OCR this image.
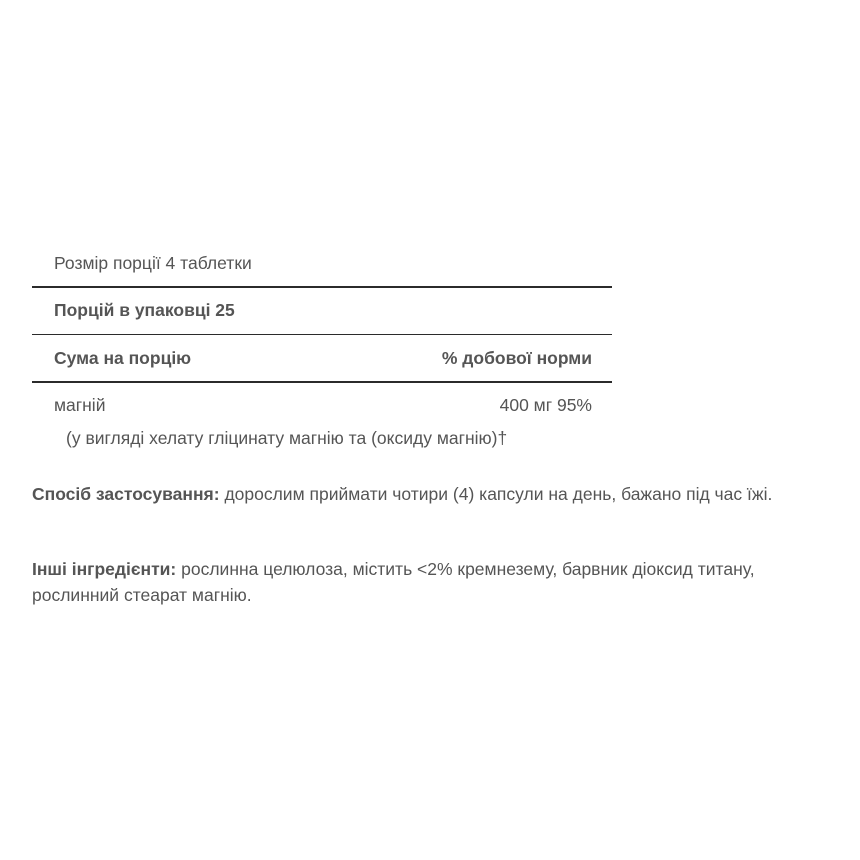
Розмір порції 4 таблетки
Порцій в упаковці 25
Сума на порцію	% добової норми
магній	400 мг 95%
(у вигляді хелату гліцинату магнію та (оксиду магнію)†
Спосіб застосування: дорослим приймати чотири (4) капсули на день, бажано під час їжі.
Інші інгредієнти: рослинна целюлоза, містить <2% кремнезему, барвник діоксид титану, рослинний стеарат магнію.
